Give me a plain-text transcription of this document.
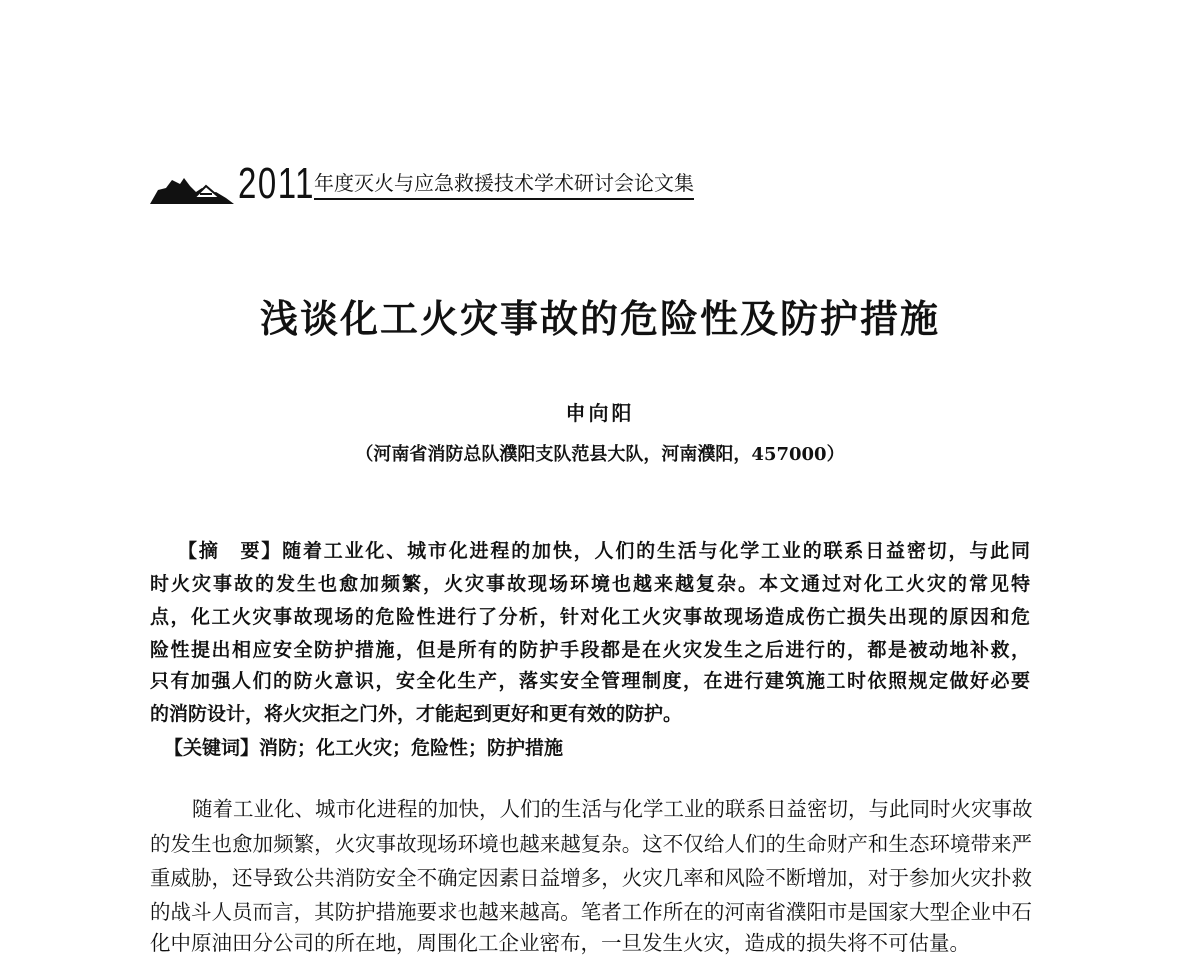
2011 年度灭火与应急救援技术学术研讨会论文集
浅谈化工火灾事故的危险性及防护措施
申向阳
（河南省消防总队濮阳支队范县大队，河南濮阳，457000）
【摘　要】随着工业化、城市化进程的加快，人们的生活与化学工业的联系日益密切，与此同
时火灾事故的发生也愈加频繁，火灾事故现场环境也越来越复杂。本文通过对化工火灾的常见特
点，化工火灾事故现场的危险性进行了分析，针对化工火灾事故现场造成伤亡损失出现的原因和危
险性提出相应安全防护措施，但是所有的防护手段都是在火灾发生之后进行的，都是被动地补救，
只有加强人们的防火意识，安全化生产，落实安全管理制度，在进行建筑施工时依照规定做好必要
的消防设计，将火灾拒之门外，才能起到更好和更有效的防护。
【关键词】消防；化工火灾；危险性；防护措施
随着工业化、城市化进程的加快，人们的生活与化学工业的联系日益密切，与此同时火灾事故
的发生也愈加频繁，火灾事故现场环境也越来越复杂。这不仅给人们的生命财产和生态环境带来严
重威胁，还导致公共消防安全不确定因素日益增多，火灾几率和风险不断增加，对于参加火灾扑救
的战斗人员而言，其防护措施要求也越来越高。笔者工作所在的河南省濮阳市是国家大型企业中石
化中原油田分公司的所在地，周围化工企业密布，一旦发生火灾，造成的损失将不可估量。
